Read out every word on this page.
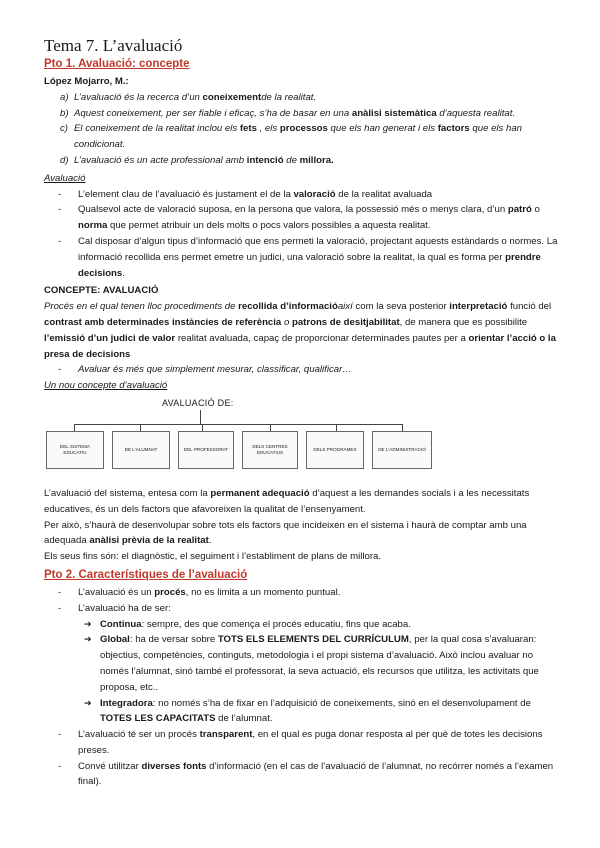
Tema 7. L’avaluació
Pto 1. Avaluació: concepte
López Mojarro, M.:
a) L’avaluació és la recerca d’un coneixementde la realitat.
b) Aquest coneixement, per ser fiable i eficaç, s’ha de basar en una anàlisi sistemàtica d’aquesta realitat.
c) El coneixement de la realitat inclou els fets , els processos que els han generat i els factors que els han condicionat.
d) L’avaluació és un acte professional amb intenció de millora.
Avaluació
- L’element clau de l’avaluació és justament el de la valoració de la realitat avaluada
- Qualsevol acte de valoració suposa, en la persona que valora, la possessió més o menys clara, d’un patró o norma que permet atribuir un dels molts o pocs valors possibles a aquesta realitat.
- Cal disposar d’algun tipus d’informació que ens permeti la valoració, projectant aquests estàndards o normes. La informació recollida ens permet emetre un judici, una valoració sobre la realitat, la qual es forma per prendre decisions.
CONCEPTE: AVALUACIÓ
Procés en el qual tenen lloc procediments de recollida d’informacióaixí com la seva posterior interpretació funció del contrast amb determinades instàncies de referència o patrons de desitjabilitat, de manera que es possibilite l’emissió d’un judici de valor realitat avaluada, capaç de proporcionar determinades pautes per a orientar l’acció o la presa de decisions
- Avaluar és més que simplement mesurar, classificar, qualificar…
Un nou concepte d’avaluació
AVALUACIÓ DE:
DEL SISTEMA EDUCATIU
DE L'ALUMNAT	DEL PROFESSORAT
DELS CENTRES EDUCATIUS
DELS PROGRAMES	DE L'ADMINISTRACIÓ
L’avaluació del sistema, entesa com la permanent adequació d’aquest a les demandes socials i a les necessitats educatives, és un dels factors que afavoreixen la qualitat de l’ensenyament.
Per això, s’haurà de desenvolupar sobre tots els factors que incideixen en el sistema i haurà de comptar amb una adequada anàlisi prèvia de la realitat.
Els seus fins són: el diagnòstic, el seguiment i l’establiment de plans de millora.
Pto 2. Característiques de l’avaluació
- L’avaluació és un procés, no es limita a un momento puntual.
- L’avaluació ha de ser:
➔ Continua: sempre, des que comença el procés educatiu, fins que acaba.
➔ Global: ha de versar sobre TOTS ELS ELEMENTS DEL CURRÍCULUM, per la qual cosa s’avaluaran: objectius, competències, continguts, metodologia i el propi sistema d’avaluació. Això inclou avaluar no només l’alumnat, sinó també el professorat, la seva actuació, els recursos que utilitza, les activitats que proposa, etc..
➔ Integradora: no només s’ha de fixar en l’adquisició de coneixements, sinó en el desenvolupament de TOTES LES CAPACITATS de l’alumnat.
- L’avaluació té ser un procés transparent, en el qual es puga donar resposta al per què de totes les decisions preses.
- Convé utilitzar diverses fonts d’informació (en el cas de l’avaluació de l’alumnat, no recórrer només a l’examen final).
